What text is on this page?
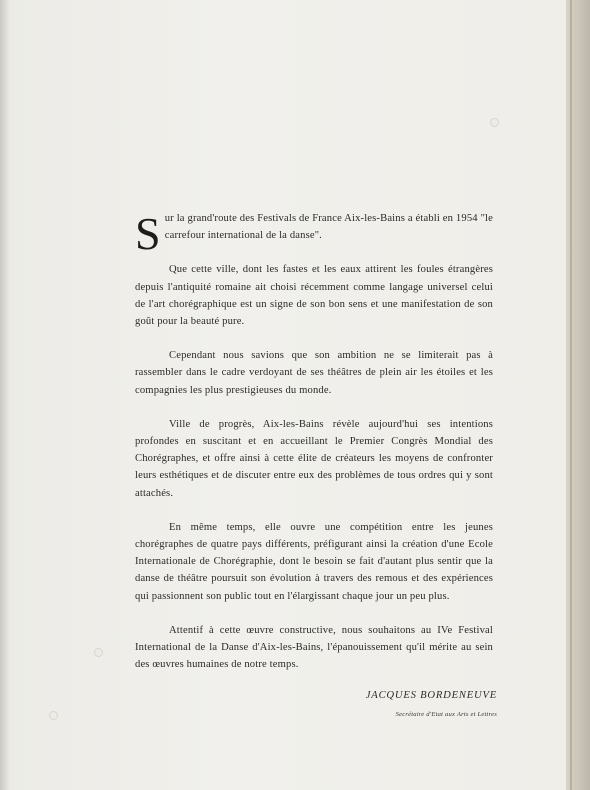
Sur la grand'route des Festivals de France Aix-les-Bains a établi en 1954 "le carrefour international de la danse".

Que cette ville, dont les fastes et les eaux attirent les foules étrangères depuis l'antiquité romaine ait choisi récemment comme langage universel celui de l'art chorégraphique est un signe de son bon sens et une manifestation de son goût pour la beauté pure.

Cependant nous savions que son ambition ne se limiterait pas à rassembler dans le cadre verdoyant de ses théâtres de plein air les étoiles et les compagnies les plus prestigieuses du monde.

Ville de progrès, Aix-les-Bains révèle aujourd'hui ses intentions profondes en suscitant et en accueillant le Premier Congrès Mondial des Chorégraphes, et offre ainsi à cette élite de créateurs les moyens de confronter leurs esthétiques et de discuter entre eux des problèmes de tous ordres qui y sont attachés.

En même temps, elle ouvre une compétition entre les jeunes chorégraphes de quatre pays différents, préfigurant ainsi la création d'une Ecole Internationale de Chorégraphie, dont le besoin se fait d'autant plus sentir que la danse de théâtre poursuit son évolution à travers des remous et des expériences qui passionnent son public tout en l'élargissant chaque jour un peu plus.

Attentif à cette œuvre constructive, nous souhaitons au IVe Festival International de la Danse d'Aix-les-Bains, l'épanouissement qu'il mérite au sein des œuvres humaines de notre temps.

JACQUES BORDENEUVE
Secrétaire d'Etat aux Arts et Lettres
